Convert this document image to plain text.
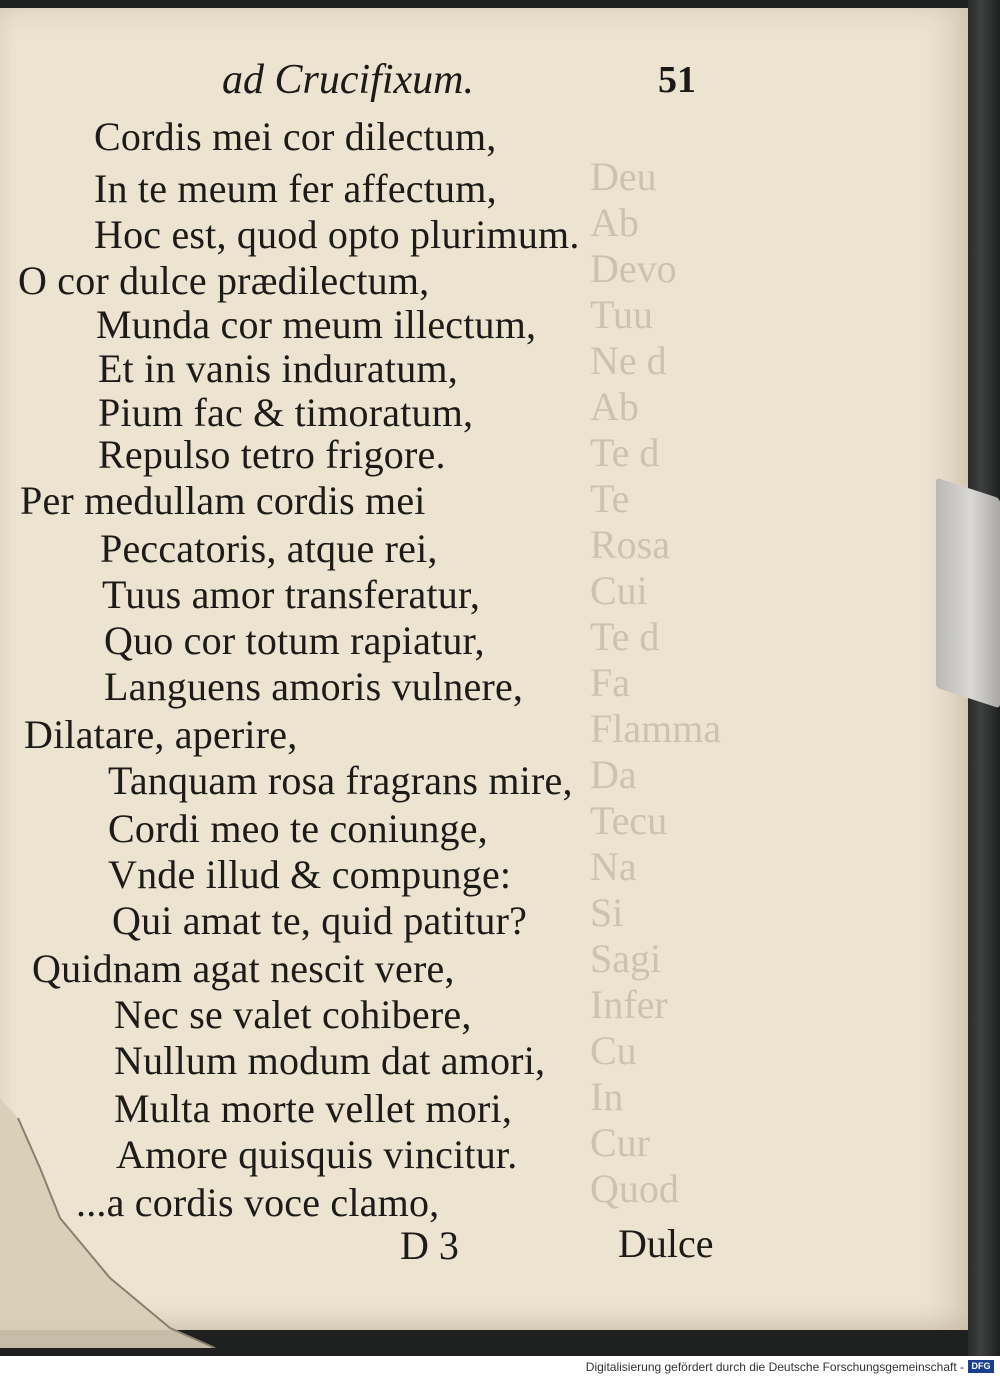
Deu
Ab
Devo
Tuu
Ne d
Ab
Te d
Te
Rosa
Cui
Te d
Fa
Flamma
Da
Tecu
Na
Si
Sagi
Infer
Cu
In
Cur
Quod
ad Crucifixum.	51
Cordis mei cor dilectum,
In te meum fer affectum,
Hoc est, quod opto plurimum.
O cor dulce prædilectum,
Munda cor meum illectum,
Et in vanis induratum,
Pium fac & timoratum,
Repulso tetro frigore.
Per medullam cordis mei
Peccatoris, atque rei,
Tuus amor transferatur,
Quo cor totum rapiatur,
Languens amoris vulnere,
Dilatare, aperire,
Tanquam rosa fragrans mire,
Cordi meo te coniunge,
Vnde illud & compunge:
Qui amat te, quid patitur?
Quidnam agat nescit vere,
Nec se valet cohibere,
Nullum modum dat amori,
Multa morte vellet mori,
Amore quisquis vincitur.
...a cordis voce clamo,
D 3	Dulce
Digitalisierung gefördert durch die Deutsche Forschungsgemeinschaft - DFG
